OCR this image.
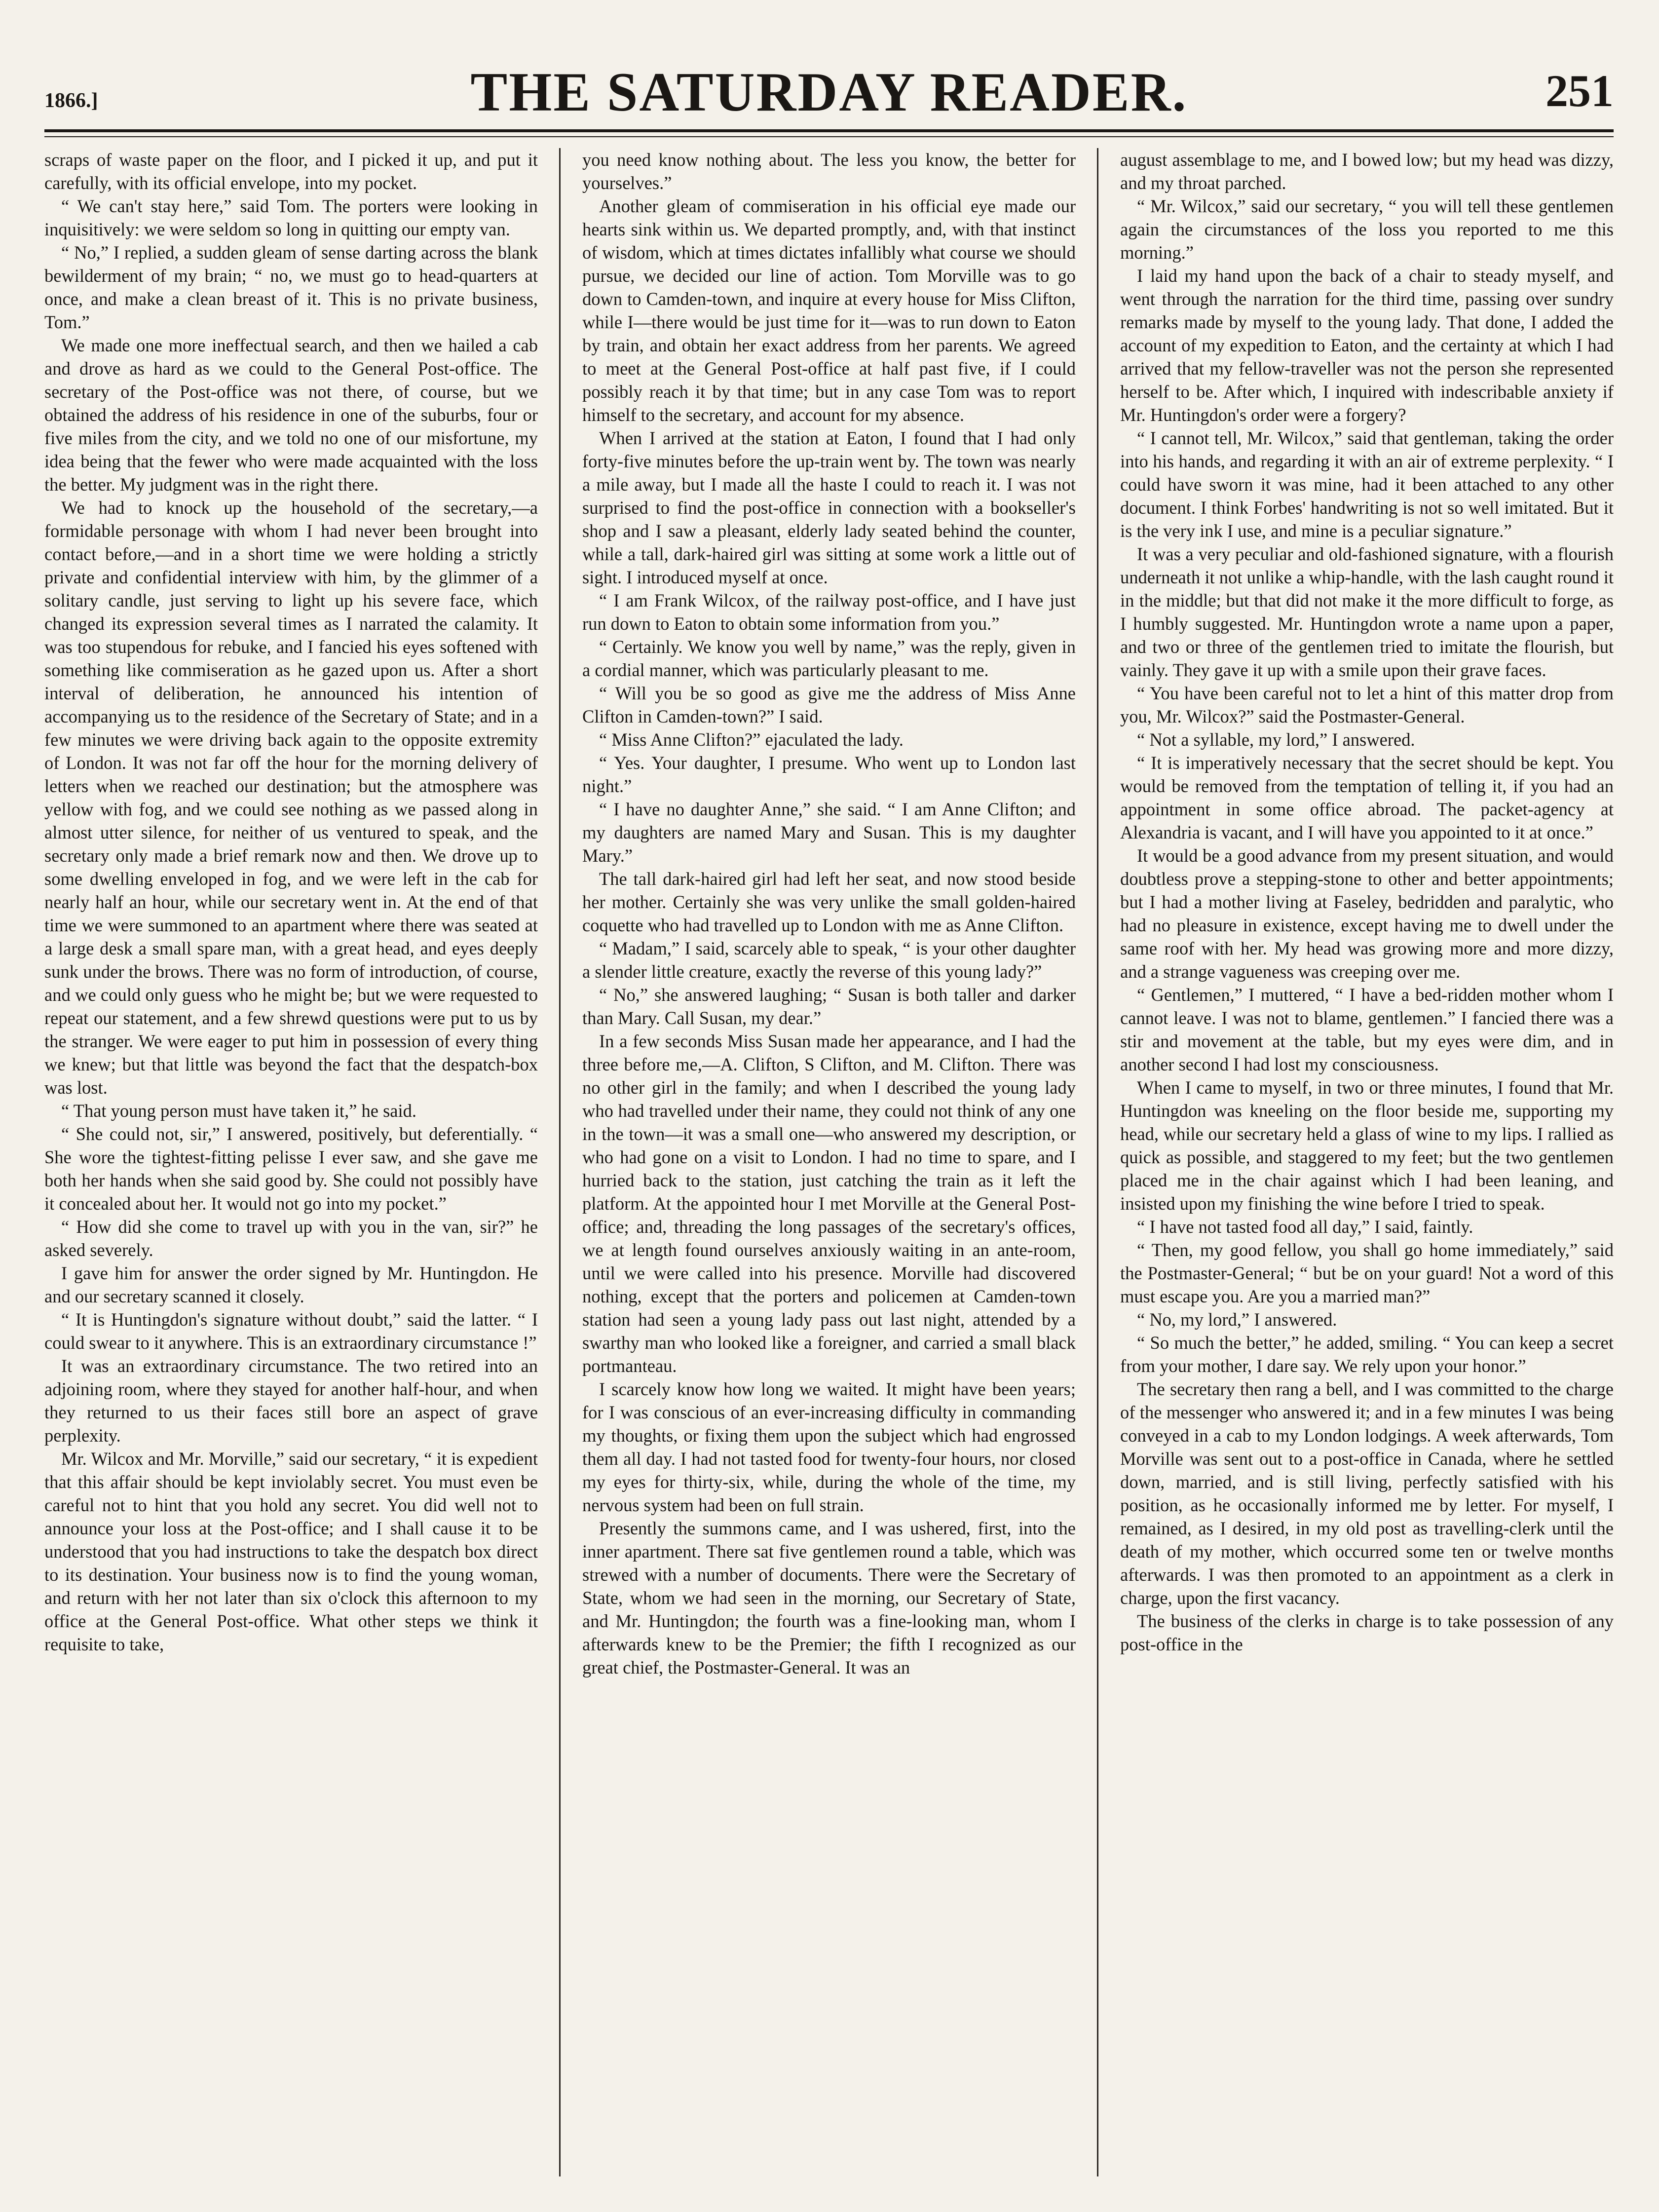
1866.]	THE SATURDAY READER.	251

scraps of waste paper on the floor, and I picked it up, and put it carefully, with its official envelope, into my pocket.

“ We can't stay here,” said Tom. The porters were looking in inquisitively: we were seldom so long in quitting our empty van.

“ No,” I replied, a sudden gleam of sense darting across the blank bewilderment of my brain; “ no, we must go to head-quarters at once, and make a clean breast of it. This is no private business, Tom.”

We made one more ineffectual search, and then we hailed a cab and drove as hard as we could to the General Post-office. The secretary of the Post-office was not there, of course, but we obtained the address of his residence in one of the suburbs, four or five miles from the city, and we told no one of our misfortune, my idea being that the fewer who were made acquainted with the loss the better. My judgment was in the right there.

We had to knock up the household of the secretary,—a formidable personage with whom I had never been brought into contact before,—and in a short time we were holding a strictly private and confidential interview with him, by the glimmer of a solitary candle, just serving to light up his severe face, which changed its expression several times as I narrated the calamity. It was too stupendous for rebuke, and I fancied his eyes softened with something like commiseration as he gazed upon us. After a short interval of deliberation, he announced his intention of accompanying us to the residence of the Secretary of State; and in a few minutes we were driving back again to the opposite extremity of London. It was not far off the hour for the morning delivery of letters when we reached our destination; but the atmosphere was yellow with fog, and we could see nothing as we passed along in almost utter silence, for neither of us ventured to speak, and the secretary only made a brief remark now and then. We drove up to some dwelling enveloped in fog, and we were left in the cab for nearly half an hour, while our secretary went in. At the end of that time we were summoned to an apartment where there was seated at a large desk a small spare man, with a great head, and eyes deeply sunk under the brows. There was no form of introduction, of course, and we could only guess who he might be; but we were requested to repeat our statement, and a few shrewd questions were put to us by the stranger. We were eager to put him in possession of every thing we knew; but that little was beyond the fact that the despatch-box was lost.

“ That young person must have taken it,” he said.

“ She could not, sir,” I answered, positively, but deferentially. “ She wore the tightest-fitting pelisse I ever saw, and she gave me both her hands when she said good by. She could not possibly have it concealed about her. It would not go into my pocket.”

“ How did she come to travel up with you in the van, sir?” he asked severely.

I gave him for answer the order signed by Mr. Huntingdon. He and our secretary scanned it closely.

“ It is Huntingdon's signature without doubt,” said the latter. “ I could swear to it anywhere. This is an extraordinary circumstance !”

It was an extraordinary circumstance. The two retired into an adjoining room, where they stayed for another half-hour, and when they returned to us their faces still bore an aspect of grave perplexity.

Mr. Wilcox and Mr. Morville,” said our secretary, “ it is expedient that this affair should be kept inviolably secret. You must even be careful not to hint that you hold any secret. You did well not to announce your loss at the Post-office; and I shall cause it to be understood that you had instructions to take the despatch box direct to its destination. Your business now is to find the young woman, and return with her not later than six o'clock this afternoon to my office at the General Post-office. What other steps we think it requisite to take,

you need know nothing about. The less you know, the better for yourselves.”

Another gleam of commiseration in his official eye made our hearts sink within us. We departed promptly, and, with that instinct of wisdom, which at times dictates infallibly what course we should pursue, we decided our line of action. Tom Morville was to go down to Camden-town, and inquire at every house for Miss Clifton, while I—there would be just time for it—was to run down to Eaton by train, and obtain her exact address from her parents. We agreed to meet at the General Post-office at half past five, if I could possibly reach it by that time; but in any case Tom was to report himself to the secretary, and account for my absence.

When I arrived at the station at Eaton, I found that I had only forty-five minutes before the up-train went by. The town was nearly a mile away, but I made all the haste I could to reach it. I was not surprised to find the post-office in connection with a bookseller's shop and I saw a pleasant, elderly lady seated behind the counter, while a tall, dark-haired girl was sitting at some work a little out of sight. I introduced myself at once.

“ I am Frank Wilcox, of the railway post-office, and I have just run down to Eaton to obtain some information from you.”

“ Certainly. We know you well by name,” was the reply, given in a cordial manner, which was particularly pleasant to me.

“ Will you be so good as give me the address of Miss Anne Clifton in Camden-town?” I said.

“ Miss Anne Clifton?” ejaculated the lady.

“ Yes. Your daughter, I presume. Who went up to London last night.”

“ I have no daughter Anne,” she said. “ I am Anne Clifton; and my daughters are named Mary and Susan. This is my daughter Mary.”

The tall dark-haired girl had left her seat, and now stood beside her mother. Certainly she was very unlike the small golden-haired coquette who had travelled up to London with me as Anne Clifton.

“ Madam,” I said, scarcely able to speak, “ is your other daughter a slender little creature, exactly the reverse of this young lady?”

“ No,” she answered laughing; “ Susan is both taller and darker than Mary. Call Susan, my dear.”

In a few seconds Miss Susan made her appearance, and I had the three before me,—A. Clifton, S Clifton, and M. Clifton. There was no other girl in the family; and when I described the young lady who had travelled under their name, they could not think of any one in the town—it was a small one—who answered my description, or who had gone on a visit to London. I had no time to spare, and I hurried back to the station, just catching the train as it left the platform. At the appointed hour I met Morville at the General Post-office; and, threading the long passages of the secretary's offices, we at length found ourselves anxiously waiting in an ante-room, until we were called into his presence. Morville had discovered nothing, except that the porters and policemen at Camden-town station had seen a young lady pass out last night, attended by a swarthy man who looked like a foreigner, and carried a small black portmanteau.

I scarcely know how long we waited. It might have been years; for I was conscious of an ever-increasing difficulty in commanding my thoughts, or fixing them upon the subject which had engrossed them all day. I had not tasted food for twenty-four hours, nor closed my eyes for thirty-six, while, during the whole of the time, my nervous system had been on full strain.

Presently the summons came, and I was ushered, first, into the inner apartment. There sat five gentlemen round a table, which was strewed with a number of documents. There were the Secretary of State, whom we had seen in the morning, our Secretary of State, and Mr. Huntingdon; the fourth was a fine-looking man, whom I afterwards knew to be the Premier; the fifth I recognized as our great chief, the Postmaster-General. It was an

august assemblage to me, and I bowed low; but my head was dizzy, and my throat parched.

“ Mr. Wilcox,” said our secretary, “ you will tell these gentlemen again the circumstances of the loss you reported to me this morning.”

I laid my hand upon the back of a chair to steady myself, and went through the narration for the third time, passing over sundry remarks made by myself to the young lady. That done, I added the account of my expedition to Eaton, and the certainty at which I had arrived that my fellow-traveller was not the person she represented herself to be. After which, I inquired with indescribable anxiety if Mr. Huntingdon's order were a forgery?

“ I cannot tell, Mr. Wilcox,” said that gentleman, taking the order into his hands, and regarding it with an air of extreme perplexity. “ I could have sworn it was mine, had it been attached to any other document. I think Forbes' handwriting is not so well imitated. But it is the very ink I use, and mine is a peculiar signature.”

It was a very peculiar and old-fashioned signature, with a flourish underneath it not unlike a whip-handle, with the lash caught round it in the middle; but that did not make it the more difficult to forge, as I humbly suggested. Mr. Huntingdon wrote a name upon a paper, and two or three of the gentlemen tried to imitate the flourish, but vainly. They gave it up with a smile upon their grave faces.

“ You have been careful not to let a hint of this matter drop from you, Mr. Wilcox?” said the Postmaster-General.

“ Not a syllable, my lord,” I answered.

“ It is imperatively necessary that the secret should be kept. You would be removed from the temptation of telling it, if you had an appointment in some office abroad. The packet-agency at Alexandria is vacant, and I will have you appointed to it at once.”

It would be a good advance from my present situation, and would doubtless prove a stepping-stone to other and better appointments; but I had a mother living at Faseley, bedridden and paralytic, who had no pleasure in existence, except having me to dwell under the same roof with her. My head was growing more and more dizzy, and a strange vagueness was creeping over me.

“ Gentlemen,” I muttered, “ I have a bed-ridden mother whom I cannot leave. I was not to blame, gentlemen.” I fancied there was a stir and movement at the table, but my eyes were dim, and in another second I had lost my consciousness.

When I came to myself, in two or three minutes, I found that Mr. Huntingdon was kneeling on the floor beside me, supporting my head, while our secretary held a glass of wine to my lips. I rallied as quick as possible, and staggered to my feet; but the two gentlemen placed me in the chair against which I had been leaning, and insisted upon my finishing the wine before I tried to speak.

“ I have not tasted food all day,” I said, faintly.

“ Then, my good fellow, you shall go home immediately,” said the Postmaster-General; “ but be on your guard! Not a word of this must escape you. Are you a married man?”

“ No, my lord,” I answered.

“ So much the better,” he added, smiling. “ You can keep a secret from your mother, I dare say. We rely upon your honor.”

The secretary then rang a bell, and I was committed to the charge of the messenger who answered it; and in a few minutes I was being conveyed in a cab to my London lodgings. A week afterwards, Tom Morville was sent out to a post-office in Canada, where he settled down, married, and is still living, perfectly satisfied with his position, as he occasionally informed me by letter. For myself, I remained, as I desired, in my old post as travelling-clerk until the death of my mother, which occurred some ten or twelve months afterwards. I was then promoted to an appointment as a clerk in charge, upon the first vacancy.

The business of the clerks in charge is to take possession of any post-office in the
